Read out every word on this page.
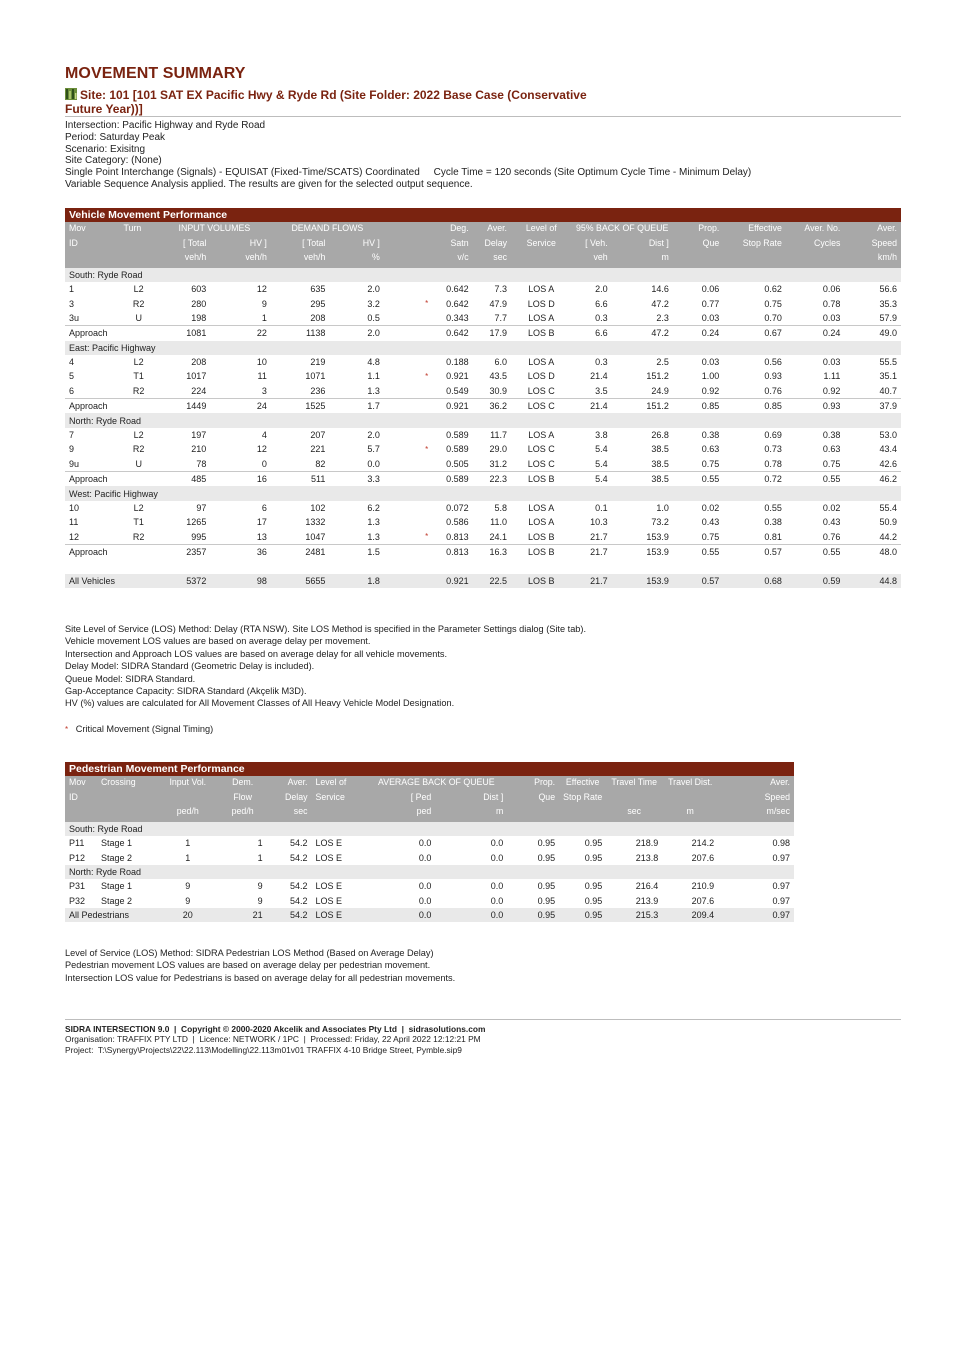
MOVEMENT SUMMARY
Site: 101 [101 SAT EX Pacific Hwy & Ryde Rd (Site Folder: 2022 Base Case (Conservative
Future Year))]
Intersection: Pacific Highway and Ryde Road
Period: Saturday Peak
Scenario: Exisitng
Site Category: (None)
Single Point Interchange (Signals) - EQUISAT (Fixed-Time/SCATS) Coordinated     Cycle Time = 120 seconds (Site Optimum Cycle Time - Minimum Delay)
Variable Sequence Analysis applied. The results are given for the selected output sequence.
Vehicle Movement Performance															
Mov	Turn	INPUT VOLUMES		DEMAND FLOWS		Deg.		Aver.	Level of	95% BACK OF QUEUE		Prop.	Effective	Aver. No.	Aver.
ID		[ Total	HV ]	[ Total	HV ]	Satn		Delay	Service	[ Veh.	Dist ]	Que	Stop Rate	Cycles	Speed
		veh/h	veh/h	veh/h	%	v/c		sec		veh	m				km/h
South: Ryde Road															
1	L2	603	12	635	2.0		0.642	7.3	LOS A	2.0	14.6	0.06	0.62	0.06	56.6
3	R2	280	9	295	3.2	*	0.642	47.9	LOS D	6.6	47.2	0.77	0.75	0.78	35.3
3u	U	198	1	208	0.5		0.343	7.7	LOS A	0.3	2.3	0.03	0.70	0.03	57.9
Approach		1081	22	1138	2.0		0.642	17.9	LOS B	6.6	47.2	0.24	0.67	0.24	49.0
East: Pacific Highway															
4	L2	208	10	219	4.8		0.188	6.0	LOS A	0.3	2.5	0.03	0.56	0.03	55.5
5	T1	1017	11	1071	1.1	*	0.921	43.5	LOS D	21.4	151.2	1.00	0.93	1.11	35.1
6	R2	224	3	236	1.3		0.549	30.9	LOS C	3.5	24.9	0.92	0.76	0.92	40.7
Approach		1449	24	1525	1.7		0.921	36.2	LOS C	21.4	151.2	0.85	0.85	0.93	37.9
North: Ryde Road															
7	L2	197	4	207	2.0		0.589	11.7	LOS A	3.8	26.8	0.38	0.69	0.38	53.0
9	R2	210	12	221	5.7	*	0.589	29.0	LOS C	5.4	38.5	0.63	0.73	0.63	43.4
9u	U	78	0	82	0.0		0.505	31.2	LOS C	5.4	38.5	0.75	0.78	0.75	42.6
Approach		485	16	511	3.3		0.589	22.3	LOS B	5.4	38.5	0.55	0.72	0.55	46.2
West: Pacific Highway															
10	L2	97	6	102	6.2		0.072	5.8	LOS A	0.1	1.0	0.02	0.55	0.02	55.4
11	T1	1265	17	1332	1.3		0.586	11.0	LOS A	10.3	73.2	0.43	0.38	0.43	50.9
12	R2	995	13	1047	1.3	*	0.813	24.1	LOS B	21.7	153.9	0.75	0.81	0.76	44.2
Approach		2357	36	2481	1.5		0.813	16.3	LOS B	21.7	153.9	0.55	0.57	0.55	48.0

All Vehicles		5372	98	5655	1.8		0.921	22.5	LOS B	21.7	153.9	0.57	0.68	0.59	44.8
Site Level of Service (LOS) Method: Delay (RTA NSW). Site LOS Method is specified in the Parameter Settings dialog (Site tab).
Vehicle movement LOS values are based on average delay per movement.
Intersection and Approach LOS values are based on average delay for all vehicle movements.
Delay Model: SIDRA Standard (Geometric Delay is included).
Queue Model: SIDRA Standard.
Gap-Acceptance Capacity: SIDRA Standard (Akçelik M3D).
HV (%) values are calculated for All Movement Classes of All Heavy Vehicle Model Designation.
* Critical Movement (Signal Timing)
Pedestrian Movement Performance												
Mov	Crossing	Input Vol.	Dem.	Aver.	Level of	AVERAGE BACK OF QUEUE		Prop.	Effective	Travel Time	Travel Dist.	Aver.
ID			Flow	Delay	Service	[ Ped	Dist ]	Que	Stop Rate			Speed
		ped/h	ped/h	sec		ped	m			sec	m	m/sec
South: Ryde Road												
P11	Stage 1	1	1	54.2	LOS E	0.0	0.0	0.95	0.95	218.9	214.2	0.98
P12	Stage 2	1	1	54.2	LOS E	0.0	0.0	0.95	0.95	213.8	207.6	0.97
North: Ryde Road												
P31	Stage 1	9	9	54.2	LOS E	0.0	0.0	0.95	0.95	216.4	210.9	0.97
P32	Stage 2	9	9	54.2	LOS E	0.0	0.0	0.95	0.95	213.9	207.6	0.97
All Pedestrians		20	21	54.2	LOS E	0.0	0.0	0.95	0.95	215.3	209.4	0.97
Level of Service (LOS) Method: SIDRA Pedestrian LOS Method (Based on Average Delay)
Pedestrian movement LOS values are based on average delay per pedestrian movement.
Intersection LOS value for Pedestrians is based on average delay for all pedestrian movements.
SIDRA INTERSECTION 9.0  |  Copyright © 2000-2020 Akcelik and Associates Pty Ltd  |  sidrasolutions.com
Organisation: TRAFFIX PTY LTD  |  Licence: NETWORK / 1PC  |  Processed: Friday, 22 April 2022 12:12:21 PM
Project:  T:\Synergy\Projects\22\22.113\Modelling\22.113m01v01 TRAFFIX 4-10 Bridge Street, Pymble.sip9
